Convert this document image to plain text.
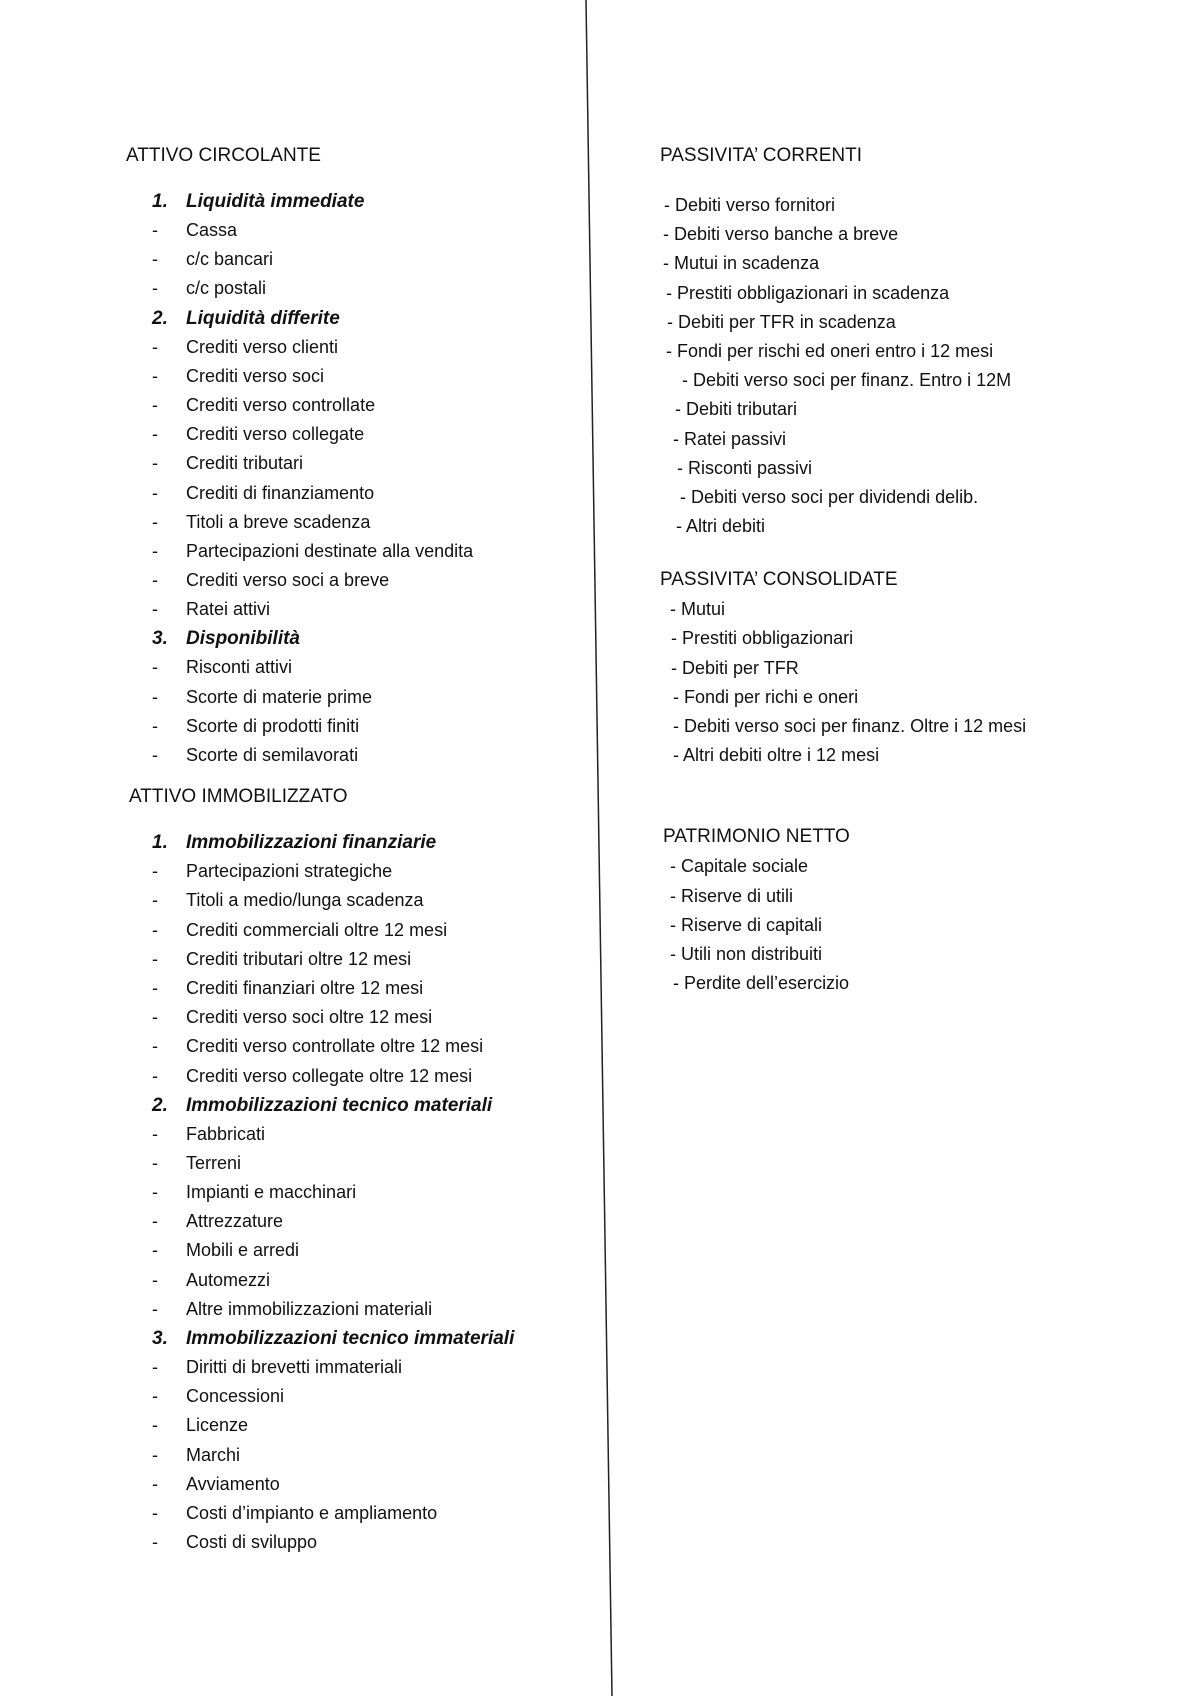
ATTIVO CIRCOLANTE
1. Liquidità immediate
- Cassa
- c/c bancari
- c/c postali
2. Liquidità differite
- Crediti verso clienti
- Crediti verso soci
- Crediti verso controllate
- Crediti verso collegate
- Crediti tributari
- Crediti di finanziamento
- Titoli a breve scadenza
- Partecipazioni destinate alla vendita
- Crediti verso soci a breve
- Ratei attivi
3. Disponibilità
- Risconti attivi
- Scorte di materie prime
- Scorte di prodotti finiti
- Scorte di semilavorati
ATTIVO IMMOBILIZZATO
1. Immobilizzazioni finanziarie
- Partecipazioni strategiche
- Titoli a medio/lunga scadenza
- Crediti commerciali oltre 12 mesi
- Crediti tributari oltre 12 mesi
- Crediti finanziari oltre 12 mesi
- Crediti verso soci oltre 12 mesi
- Crediti verso controllate oltre 12 mesi
- Crediti verso collegate oltre 12 mesi
2. Immobilizzazioni tecnico materiali
- Fabbricati
- Terreni
- Impianti e macchinari
- Attrezzature
- Mobili e arredi
- Automezzi
- Altre immobilizzazioni materiali
3. Immobilizzazioni tecnico immateriali
- Diritti di brevetti immateriali
- Concessioni
- Licenze
- Marchi
- Avviamento
- Costi d’impianto e ampliamento
- Costi di sviluppo
PASSIVITA’ CORRENTI
- Debiti verso fornitori
- Debiti verso banche a breve
- Mutui in scadenza
- Prestiti obbligazionari in scadenza
- Debiti per TFR in scadenza
- Fondi per rischi ed oneri entro i 12 mesi
- Debiti verso soci per finanz. Entro i 12M
- Debiti tributari
- Ratei passivi
- Risconti passivi
- Debiti verso soci per dividendi delib.
- Altri debiti
PASSIVITA’ CONSOLIDATE
- Mutui
- Prestiti obbligazionari
- Debiti per TFR
- Fondi per richi e oneri
- Debiti verso soci per finanz. Oltre i 12 mesi
- Altri debiti oltre i 12 mesi
PATRIMONIO NETTO
- Capitale sociale
- Riserve di utili
- Riserve di capitali
- Utili non distribuiti
- Perdite dell’esercizio
